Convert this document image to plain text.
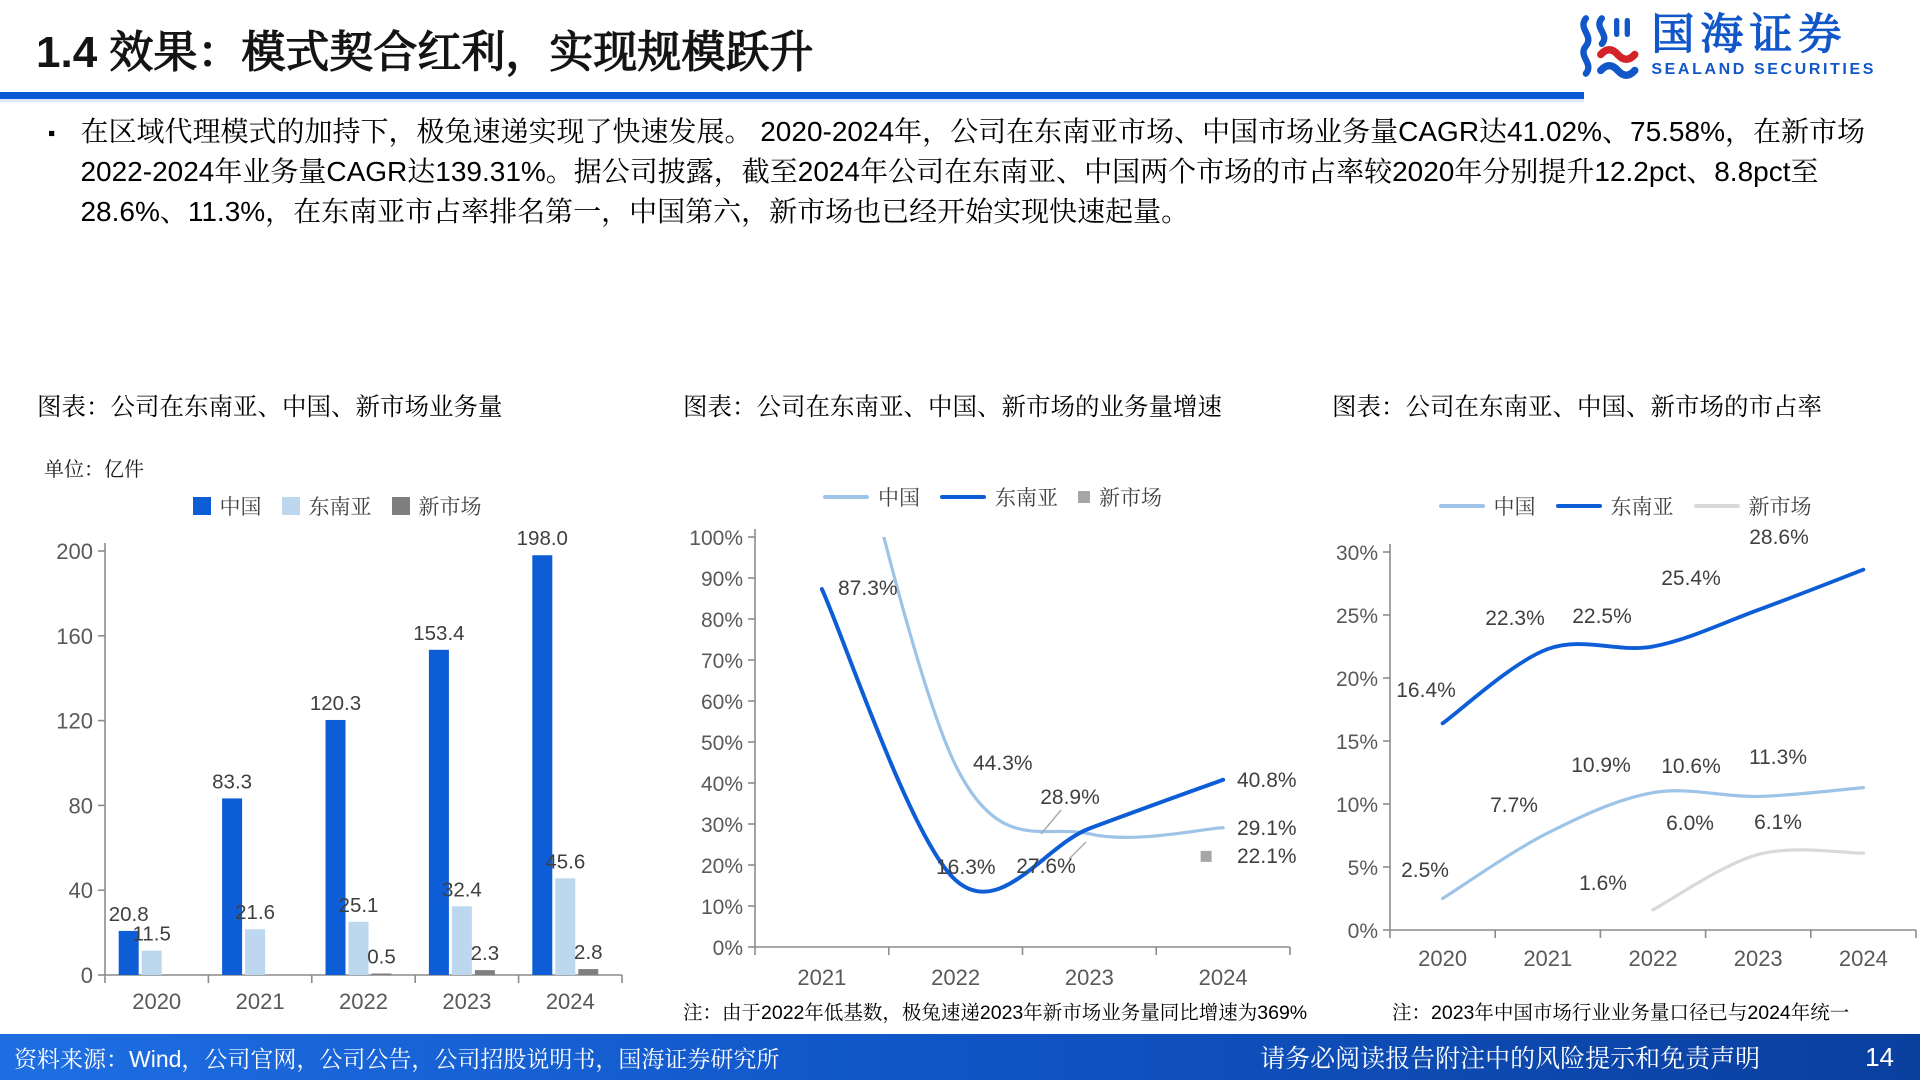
1.4 效果：模式契合红利，实现规模跃升	国海证券
SEALAND SECURITIES
▪ 在区域代理模式的加持下，极兔速递实现了快速发展。 2020-2024年，公司在东南亚市场、中国市场业务量CAGR达41.02%、75.58%，在新市场2022-2024年业务量CAGR达139.31%。据公司披露，截至2024年公司在东南亚、中国两个市场的市占率较2020年分别提升12.2pct、8.8pct至28.6%、11.3%，在东南亚市占率排名第一，中国第六，新市场也已经开始实现快速起量。

图表：公司在东南亚、中国、新市场业务量
单位：亿件
中国 东南亚 新市场
0
40
80
120
160
200
2020 2021 2022 2023 2024
20.8
83.3
120.3
153.4
198.0
11.5
21.6	25.1
32.4
45.6
0.5	2.3	2.8
图表：公司在东南亚、中国、新市场的业务量增速
中国	东南亚 新市场
0%
10%
20%
30%
40%
50%
60%
70%
80%
90%
100%
2021	2022	2023	2024
87.3%
44.3%
16.3%
28.9%
27.6%
40.8%
29.1%
22.1%
注：由于2022年低基数，极兔速递2023年新市场业务量同比增速为369%
图表：公司在东南亚、中国、新市场的市占率
中国	东南亚	新市场
0%
5%
10%
15%
20%
25%
30%
2020	2021	2022	2023	2024
16.4%
22.3% 22.5%
25.4%
28.6%
2.5%
7.7%
10.9% 10.6% 11.3%
1.6%
6.0% 6.1%
注：2023年中国市场行业业务量口径已与2024年统一
资料来源：Wind，公司官网，公司公告，公司招股说明书，国海证券研究所	请务必阅读报告附注中的风险提示和免责声明	14
